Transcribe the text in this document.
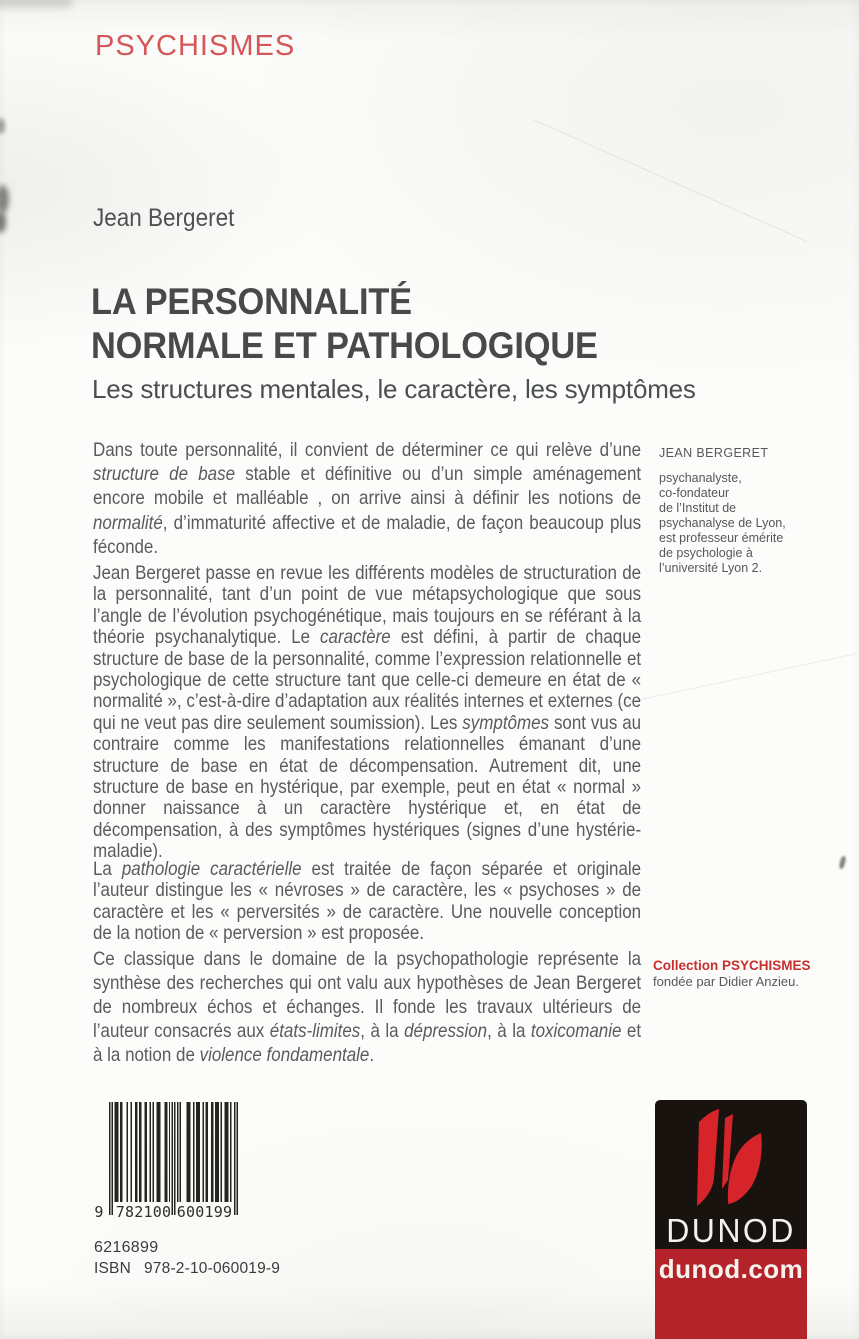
PSYCHISMES
Jean Bergeret
LA PERSONNALITÉ
NORMALE ET PATHOLOGIQUE
Les structures mentales, le caractère, les symptômes

Dans toute personnalité, il convient de déterminer ce qui relève d’une structure de base stable et définitive ou d’un simple aménagement encore mobile et malléable , on arrive ainsi à définir les notions de normalité, d’immaturité affective et de maladie, de façon beaucoup plus féconde.

Jean Bergeret passe en revue les différents modèles de structuration de la personnalité, tant d’un point de vue métapsychologique que sous l’angle de l’évolution psychogénétique, mais toujours en se référant à la théorie psychanalytique. Le caractère est défini, à partir de chaque structure de base de la personnalité, comme l’expression relationnelle et psychologique de cette structure tant que celle-ci demeure en état de « normalité », c’est-à-dire d’adaptation aux réalités internes et externes (ce qui ne veut pas dire seulement soumission). Les symptômes sont vus au contraire comme les manifestations relationnelles émanant d’une structure de base en état de décompensation. Autrement dit, une structure de base en hystérique, par exemple, peut en état « normal » donner naissance à un caractère hystérique et, en état de décompensation, à des symptômes hystériques (signes d’une hystérie-maladie).

La pathologie caractérielle est traitée de façon séparée et originale l’auteur distingue les « névroses » de caractère, les « psychoses » de caractère et les « perversités » de caractère. Une nouvelle conception de la notion de « perversion » est proposée.

Ce classique dans le domaine de la psychopathologie représente la synthèse des recherches qui ont valu aux hypothèses de Jean Bergeret de nombreux échos et échanges. Il fonde les travaux ultérieurs de l’auteur consacrés aux états-limites, à la dépression, à la toxicomanie et à la notion de violence fondamentale.

JEAN BERGERET
psychanalyste,
co-fondateur
de l’Institut de
psychanalyse de Lyon,
est professeur émérite
de psychologie à
l’université Lyon 2.
Collection PSYCHISMES
fondée par Didier Anzieu.
9 782100 600199
6216899
ISBN 978-2-10-060019-9
DUNOD
dunod.com
